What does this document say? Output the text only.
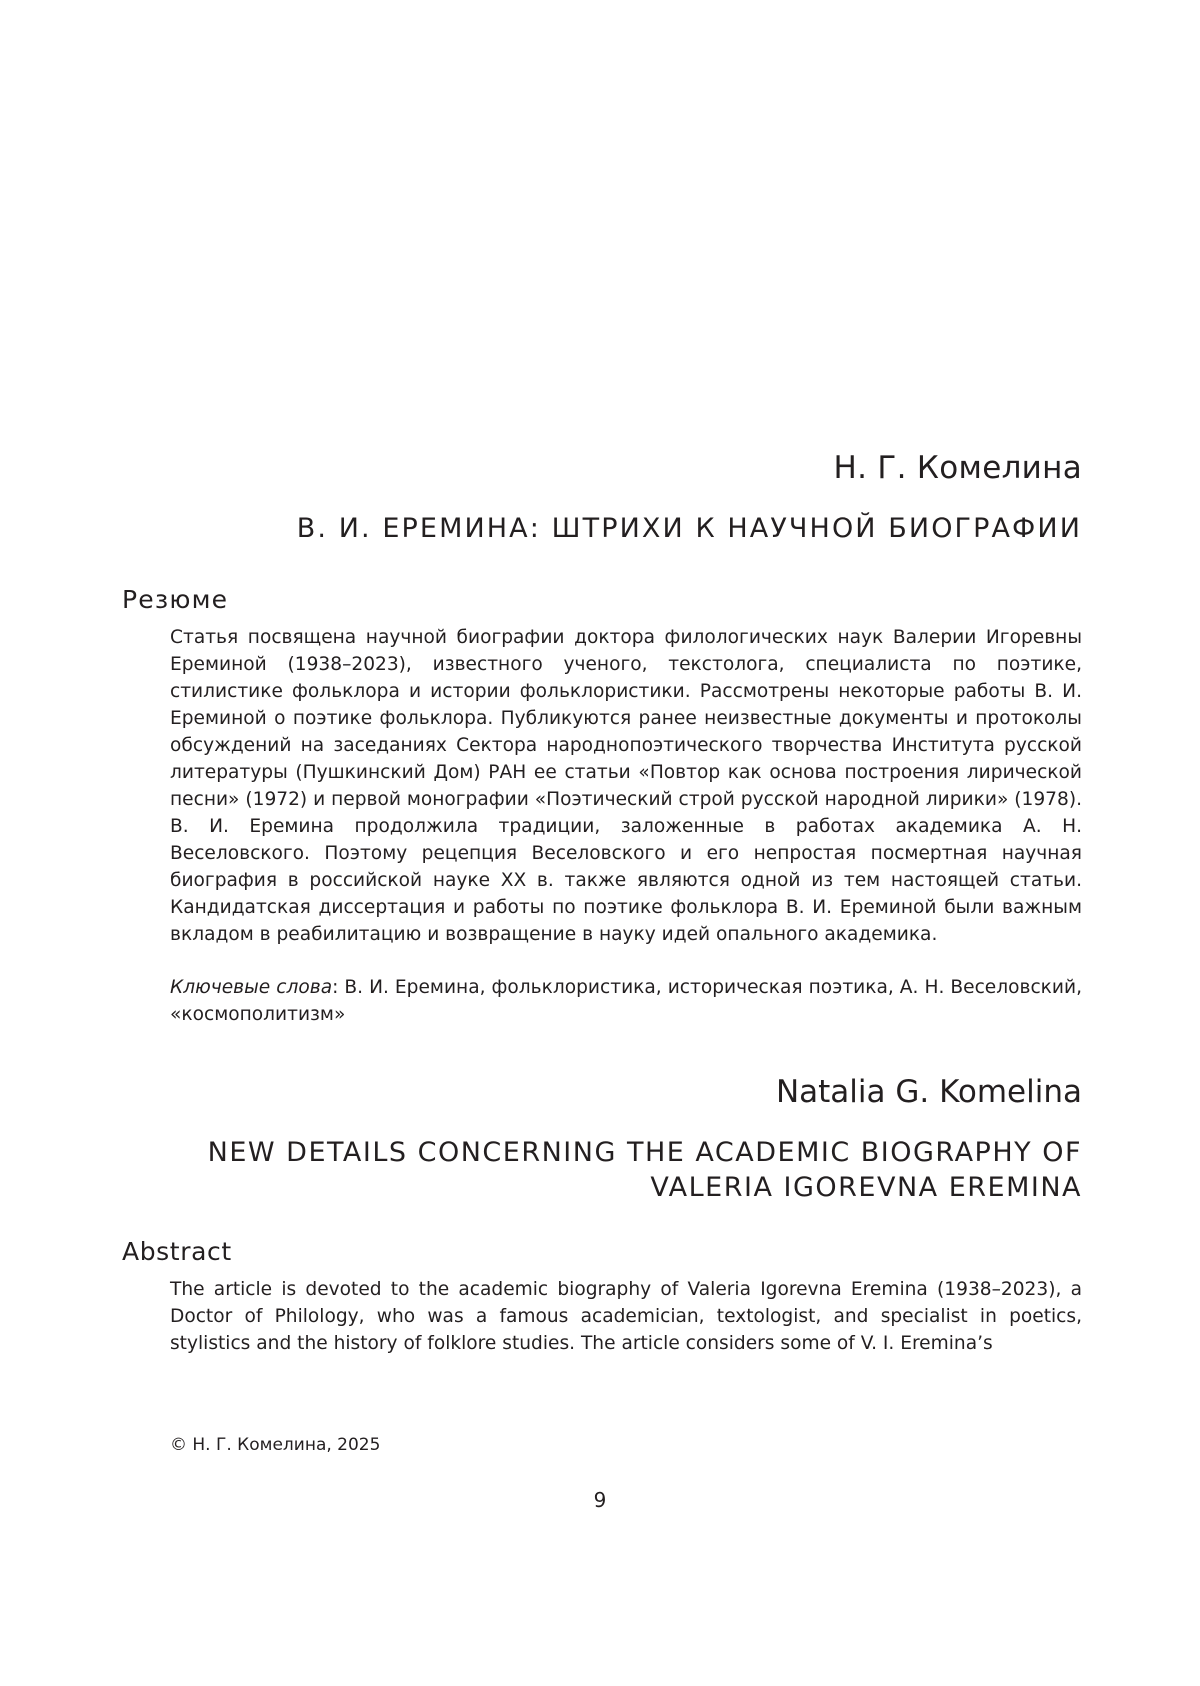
Н. Г. Комелина
В. И. ЕРЕМИНА: ШТРИХИ К НАУЧНОЙ БИОГРАФИИ
Резюме
Статья посвящена научной биографии доктора филологических наук Валерии Игоревны Ереминой (1938–2023), известного ученого, текстолога, специалиста по поэтике, стилистике фольклора и истории фольклористики. Рассмотрены некоторые работы В. И. Ереминой о поэтике фольклора. Публикуются ранее неизвестные документы и протоколы обсуждений на заседаниях Сектора народнопоэтического творчества Института русской литературы (Пушкинский Дом) РАН ее статьи «Повтор как основа построения лирической песни» (1972) и первой монографии «Поэтический строй русской народной лирики» (1978). В. И. Еремина продолжила традиции, заложенные в работах академика А. Н. Веселовского. Поэтому рецепция Веселовского и его непростая посмертная научная биография в российской науке XX в. также являются одной из тем настоящей статьи. Кандидатская диссертация и работы по поэтике фольклора В. И. Ереминой были важным вкладом в реабилитацию и возвращение в науку идей опального академика.
Ключевые слова: В. И. Еремина, фольклористика, историческая поэтика, А. Н. Веселовский, «космополитизм»
Natalia G. Komelina
NEW DETAILS CONCERNING THE ACADEMIC BIOGRAPHY OF VALERIA IGOREVNA EREMINA
Abstract
The article is devoted to the academic biography of Valeria Igorevna Eremina (1938–2023), a Doctor of Philology, who was a famous academician, textologist, and specialist in poetics, stylistics and the history of folklore studies. The article considers some of V. I. Eremina’s
© Н. Г. Комелина, 2025
9
